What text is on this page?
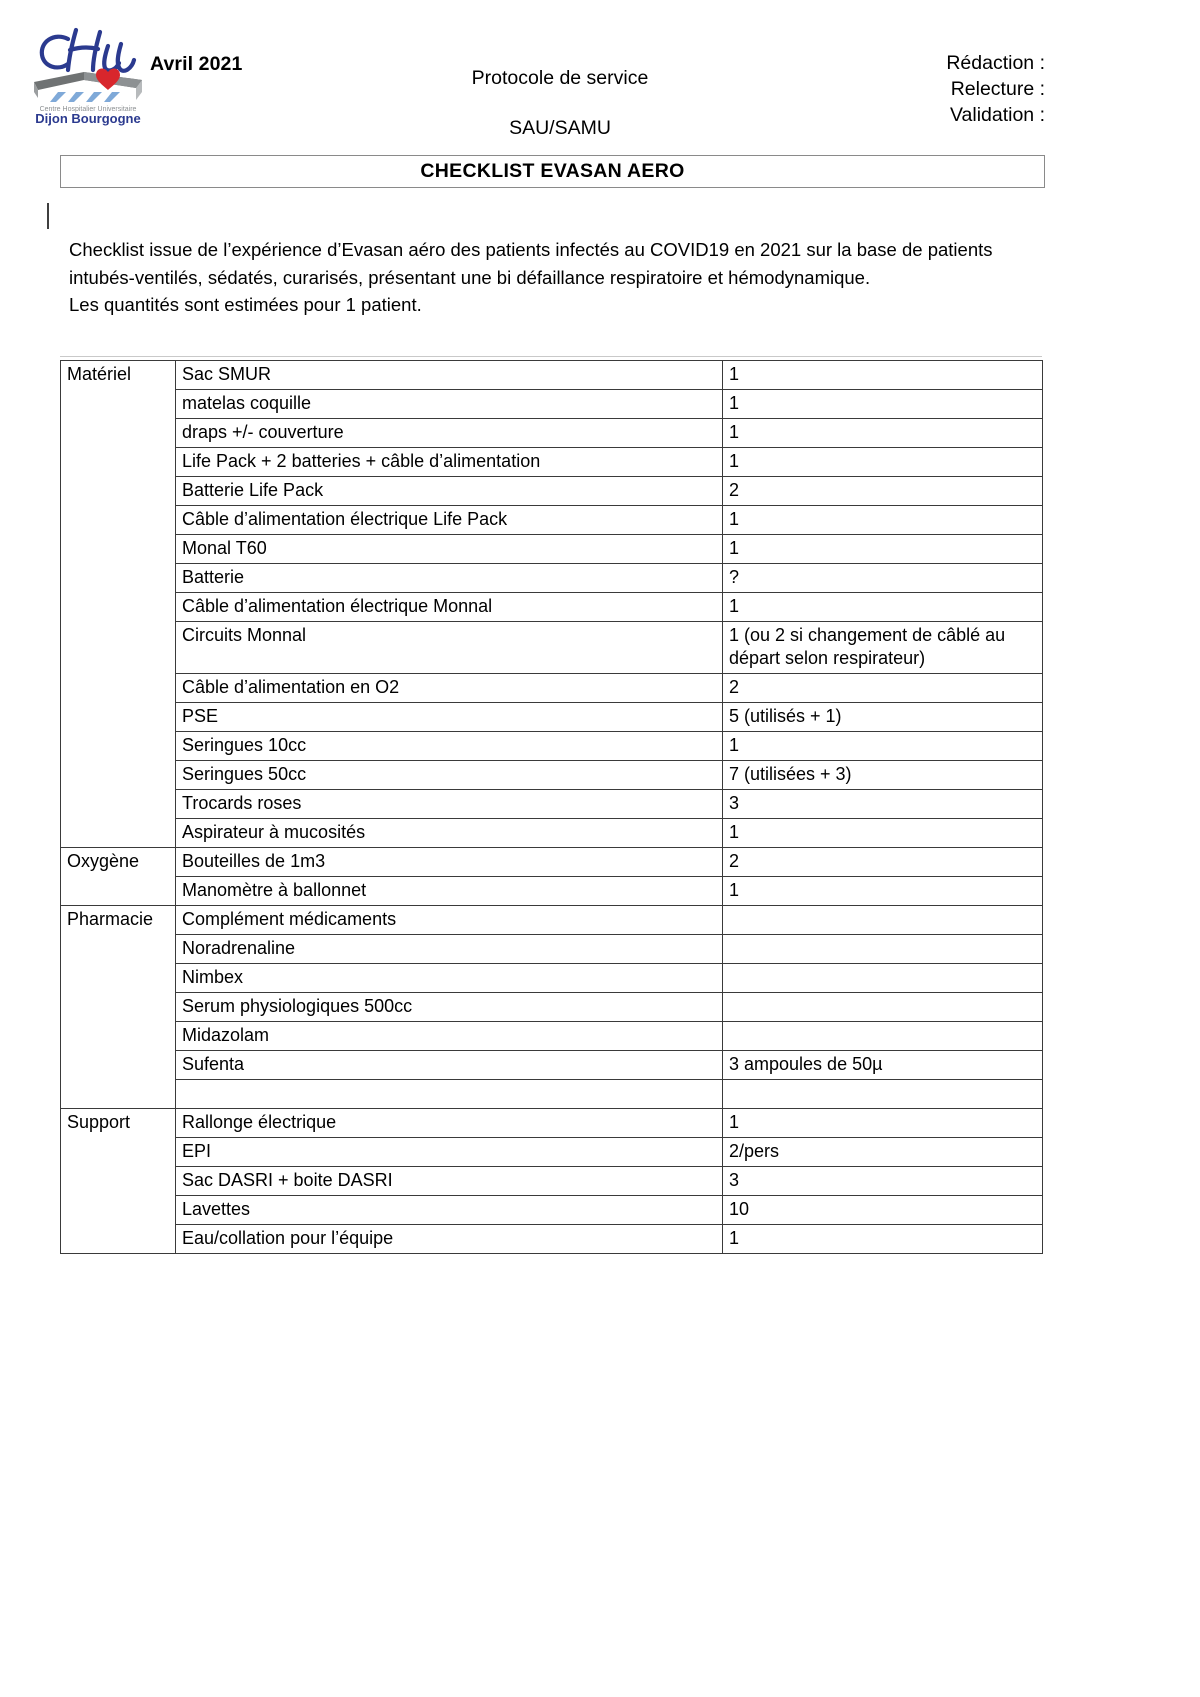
Centre Hospitalier Universitaire
Dijon Bourgogne
Avril 2021
Protocole de service
SAU/SAMU
Rédaction :
Relecture :
Validation :
CHECKLIST EVASAN AERO

Checklist issue de l’expérience d’Evasan aéro des patients infectés au COVID19 en 2021 sur la base de patients

intubés-ventilés, sédatés, curarisés, présentant une bi défaillance respiratoire et hémodynamique.

Les quantités sont estimées pour 1 patient.

Matériel	Sac SMUR	1
	matelas coquille	1
	draps +/- couverture	1
	Life Pack + 2 batteries + câble d’alimentation	1
	Batterie Life Pack	2
	Câble d’alimentation électrique Life Pack	1
	Monal T60	1
	Batterie	?
	Câble d’alimentation électrique Monnal	1
	Circuits Monnal	1 (ou 2 si changement de câblé au départ selon respirateur)
	Câble d’alimentation en O2	2
	PSE	5 (utilisés + 1)
	Seringues 10cc	1
	Seringues 50cc	7 (utilisées + 3)
	Trocards roses	3
	Aspirateur à mucosités	1
Oxygène	Bouteilles de 1m3	2
	Manomètre à ballonnet	1
Pharmacie	Complément médicaments	
	Noradrenaline	
	Nimbex	
	Serum physiologiques 500cc	
	Midazolam	
	Sufenta	3 ampoules de 50µ

Support	Rallonge électrique	1
	EPI	2/pers
	Sac DASRI + boite DASRI	3
	Lavettes	10
	Eau/collation pour l’équipe	1
